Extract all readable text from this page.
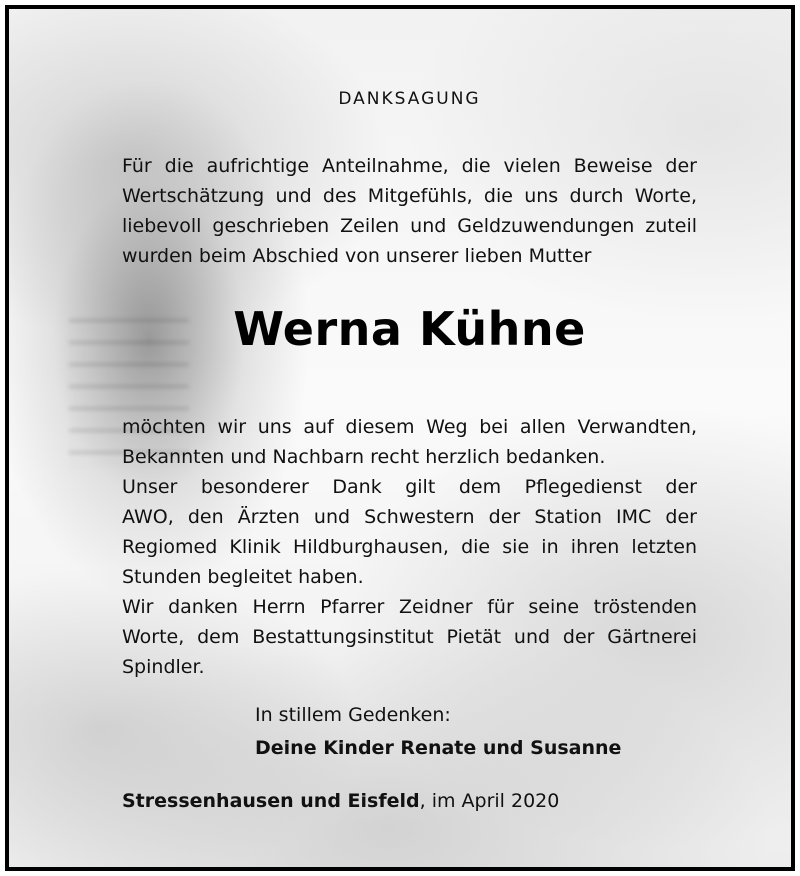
DANKSAGUNG

Für die aufrichtige Anteilnahme, die vielen Beweise der
Wertschätzung und des Mitgefühls, die uns durch Worte,
liebevoll geschrieben Zeilen und Geldzuwendungen zuteil
wurden beim Abschied von unserer lieben Mutter

Werna Kühne

möchten wir uns auf diesem Weg bei allen Verwandten,
Bekannten und Nachbarn recht herzlich bedanken.
Unser besonderer Dank gilt dem Pflegedienst der
AWO, den Ärzten und Schwestern der Station IMC der
Regiomed Klinik Hildburghausen, die sie in ihren letzten
Stunden begleitet haben.
Wir danken Herrn Pfarrer Zeidner für seine tröstenden
Worte, dem Bestattungsinstitut Pietät und der Gärtnerei
Spindler.

In stillem Gedenken:
Deine Kinder Renate und Susanne
Stressenhausen und Eisfeld, im April 2020
